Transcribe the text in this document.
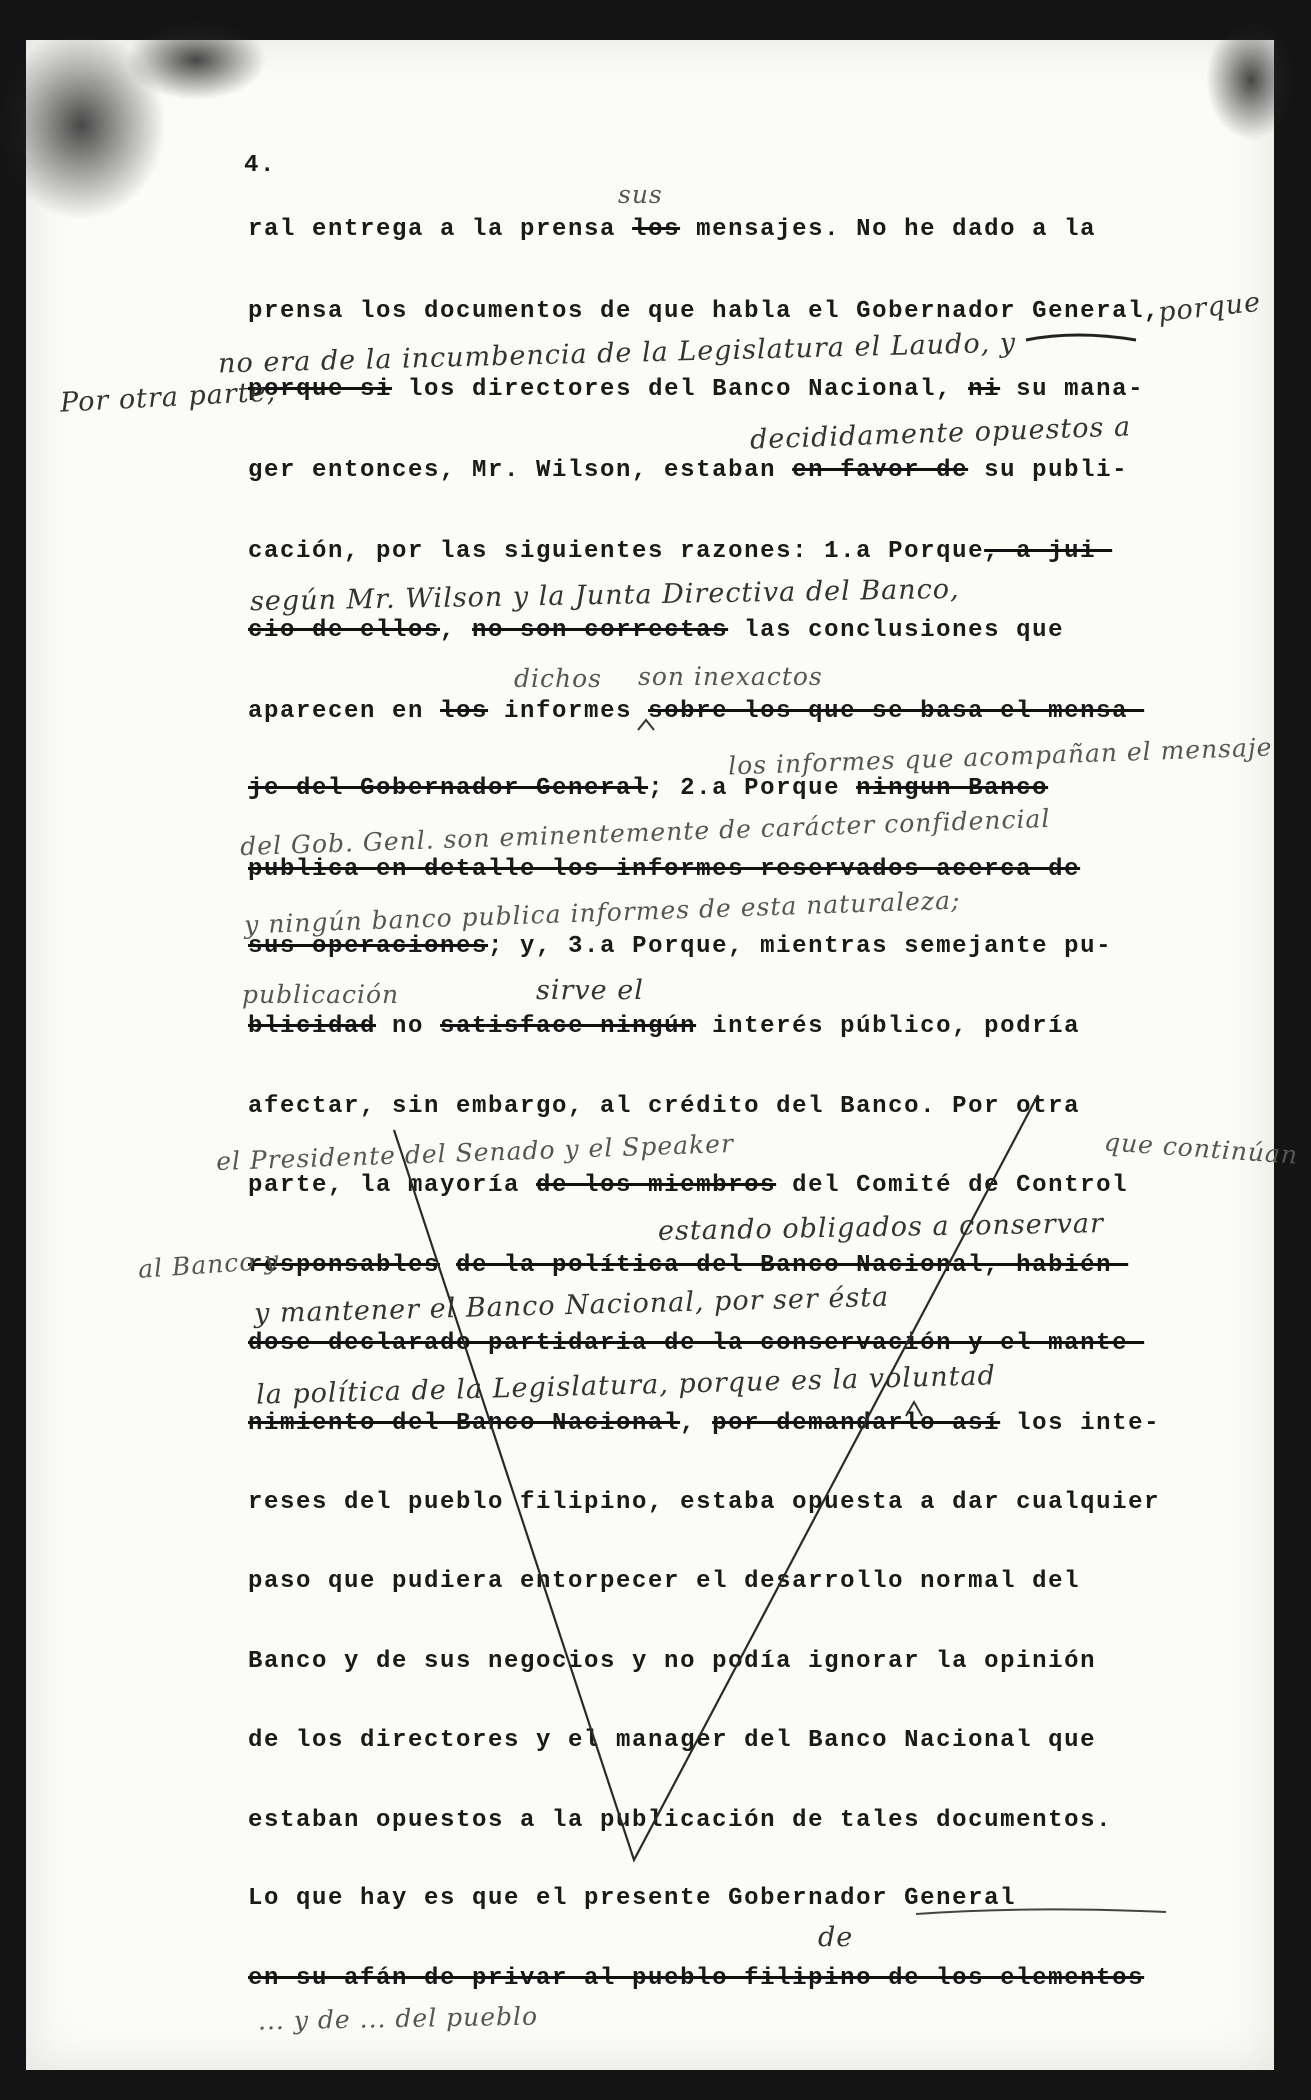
4.
ral entrega a la prensa los mensajes. No he dado a la
prensa los documentos de que habla el Gobernador General,
porque si los directores del Banco Nacional, ni su mana-
ger entonces, Mr. Wilson, estaban en favor de su publi-
cación, por las siguientes razones: 1.a Porque, a jui-
cio de ellos, no son correctas las conclusiones que
aparecen en los informes sobre los que se basa el mensa-
je del Gobernador General; 2.a Porque ningun Banco
publica en detalle los informes reservados acerca de
sus operaciones; y, 3.a Porque, mientras semejante pu-
blicidad no satisface ningún interés público, podría
afectar, sin embargo, al crédito del Banco. Por otra
parte, la mayoría de los miembros del Comité de Control
responsables de la política del Banco Nacional, habién-
dose declarado partidaria de la conservación y el mante-
nimiento del Banco Nacional, por demandarlo así los inte-
reses del pueblo filipino, estaba opuesta a dar cualquier
paso que pudiera entorpecer el desarrollo normal del
Banco y de sus negocios y no podía ignorar la opinión
de los directores y el manager del Banco Nacional que
estaban opuestos a la publicación de tales documentos.
Lo que hay es que el presente Gobernador General
en su afán de privar al pueblo filipino de los elementos
sus
porque
no era de la incumbencia de la Legislatura el Laudo, y
Por otra parte,
decididamente opuestos a
según Mr. Wilson y la Junta Directiva del Banco,
dichos son inexactos
los informes que acompañan el mensaje
del Gob. Genl. son eminentemente de carácter confidencial
y ningún banco publica informes de esta naturaleza;
publicación	sirve el
el Presidente del Senado y el Speaker	que continúan
al Banco y
estando obligados a conservar
y mantener el Banco Nacional, por ser ésta
la política de la Legislatura, porque es la voluntad
de
... y de ... del pueblo
